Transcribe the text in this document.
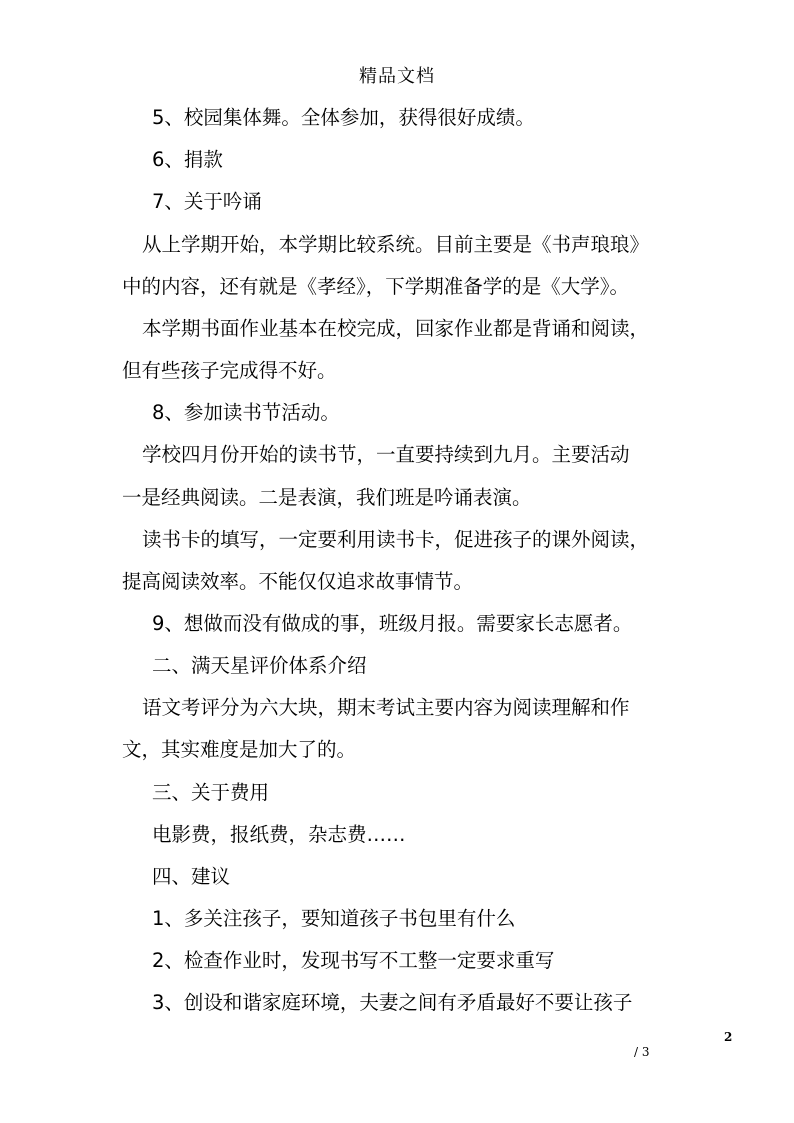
精品文档
5、校园集体舞。全体参加，获得很好成绩。
6、捐款
7、关于吟诵
从上学期开始，本学期比较系统。目前主要是《书声琅琅》
中的内容，还有就是《孝经》，下学期准备学的是《大学》。
本学期书面作业基本在校完成，回家作业都是背诵和阅读，
但有些孩子完成得不好。
8、参加读书节活动。
学校四月份开始的读书节，一直要持续到九月。主要活动
一是经典阅读。二是表演，我们班是吟诵表演。
读书卡的填写，一定要利用读书卡，促进孩子的课外阅读，
提高阅读效率。不能仅仅追求故事情节。
9、想做而没有做成的事，班级月报。需要家长志愿者。
二、满天星评价体系介绍
语文考评分为六大块，期末考试主要内容为阅读理解和作
文，其实难度是加大了的。
三、关于费用
电影费，报纸费，杂志费……
四、建议
1、多关注孩子，要知道孩子书包里有什么
2、检查作业时，发现书写不工整一定要求重写
3、创设和谐家庭环境，夫妻之间有矛盾最好不要让孩子
2
/ 3
